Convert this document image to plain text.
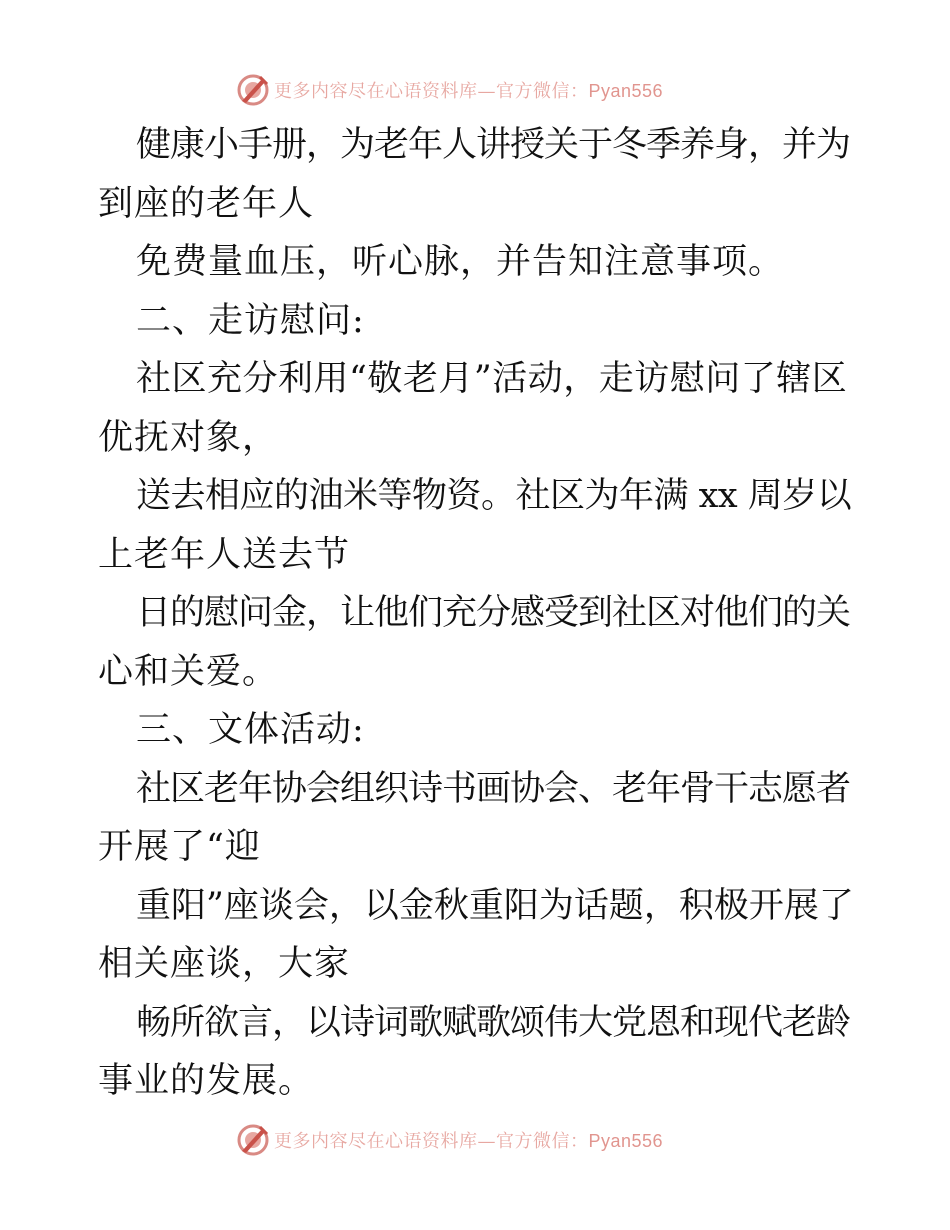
更多内容尽在心语资料库—官方微信：Pyan556
健康小手册，为老年人讲授关于冬季养身，并为
到座的老年人
免费量血压，听心脉，并告知注意事项。
二、走访慰问:
社区充分利用“敬老月”活动，走访慰问了辖区
优抚对象，
送去相应的油米等物资。社区为年满 xx 周岁以
上老年人送去节
日的慰问金，让他们充分感受到社区对他们的关
心和关爱。
三、文体活动:
社区老年协会组织诗书画协会、老年骨干志愿者
开展了“迎
重阳”座谈会，以金秋重阳为话题，积极开展了
相关座谈，大家
畅所欲言，以诗词歌赋歌颂伟大党恩和现代老龄
事业的发展。
更多内容尽在心语资料库—官方微信：Pyan556
